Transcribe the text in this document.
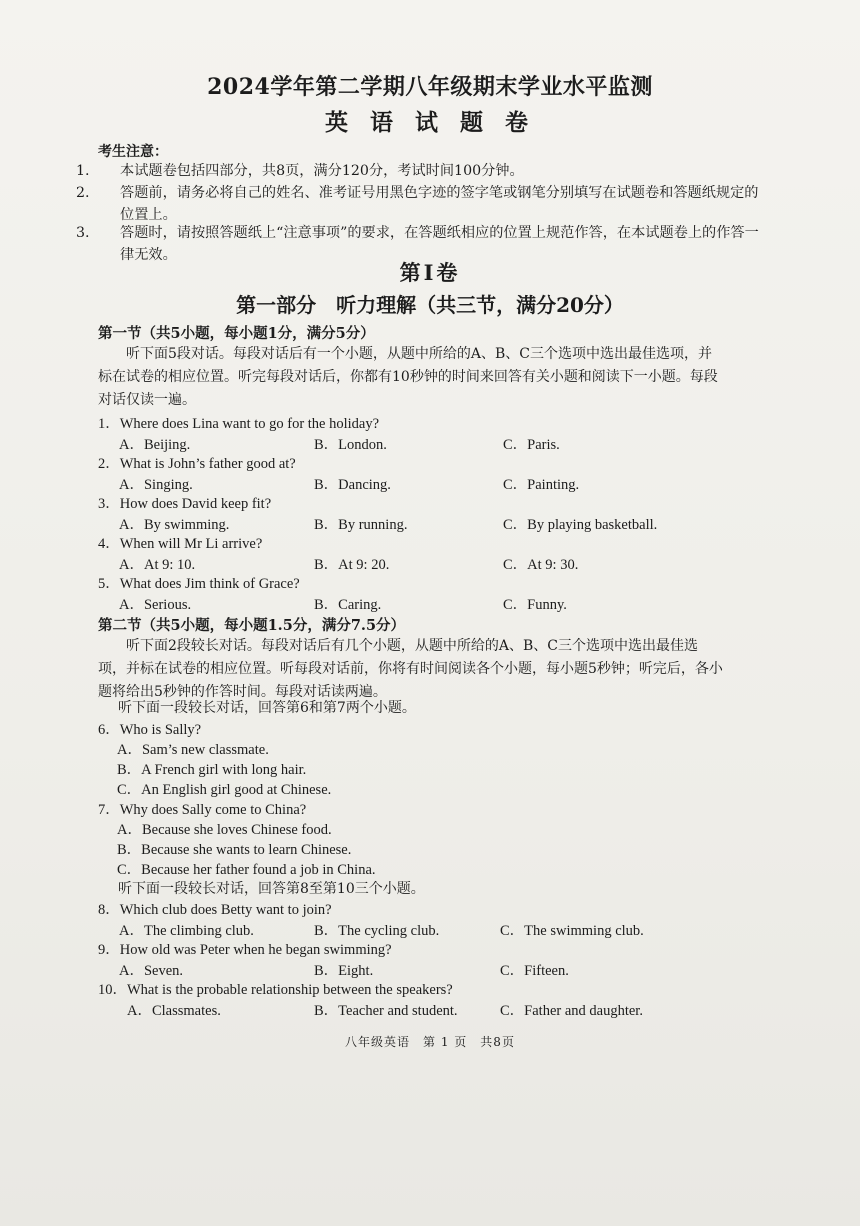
2024学年第二学期八年级期末学业水平监测
英 语 试 题 卷
考生注意：
1. 本试题卷包括四部分，共8页，满分120分，考试时间100分钟。
2. 答题前，请务必将自己的姓名、准考证号用黑色字迹的签字笔或钢笔分别填写在试题卷和答题纸规定的位置上。
3. 答题时，请按照答题纸上“注意事项”的要求，在答题纸相应的位置上规范作答，在本试题卷上的作答一律无效。
第Ⅰ卷
第一部分　听力理解（共三节，满分20分）
第一节（共5小题，每小题1分，满分5分）
听下面5段对话。每段对话后有一个小题，从题中所给的A、B、C三个选项中选出最佳选项，并标在试卷的相应位置。听完每段对话后，你都有10秒钟的时间来回答有关小题和阅读下一小题。每段对话仅读一遍。
1．Where does Lina want to go for the holiday?
A．Beijing.	B．London.	C．Paris.
2．What is John’s father good at?
A．Singing.	B．Dancing.	C．Painting.
3．How does David keep fit?
A．By swimming.	B．By running.	C．By playing basketball.
4．When will Mr Li arrive?
A．At 9: 10.	B．At 9: 20.	C．At 9: 30.
5．What does Jim think of Grace?
A．Serious.	B．Caring.	C．Funny.
第二节（共5小题，每小题1.5分，满分7.5分）
听下面2段较长对话。每段对话后有几个小题，从题中所给的A、B、C三个选项中选出最佳选项，并标在试卷的相应位置。听每段对话前，你将有时间阅读各个小题，每小题5秒钟；听完后，各小题将给出5秒钟的作答时间。每段对话读两遍。
听下面一段较长对话，回答第6和第7两个小题。
6．Who is Sally?
A．Sam’s new classmate.
B．A French girl with long hair.
C．An English girl good at Chinese.
7．Why does Sally come to China?
A．Because she loves Chinese food.
B．Because she wants to learn Chinese.
C．Because her father found a job in China.
听下面一段较长对话，回答第8至第10三个小题。
8．Which club does Betty want to join?
A．The climbing club.	B．The cycling club.	C．The swimming club.
9．How old was Peter when he began swimming?
A．Seven.	B．Eight.	C．Fifteen.
10．What is the probable relationship between the speakers?
A．Classmates.	B．Teacher and student.	C．Father and daughter.
八年级英语　第 1 页　共8页
